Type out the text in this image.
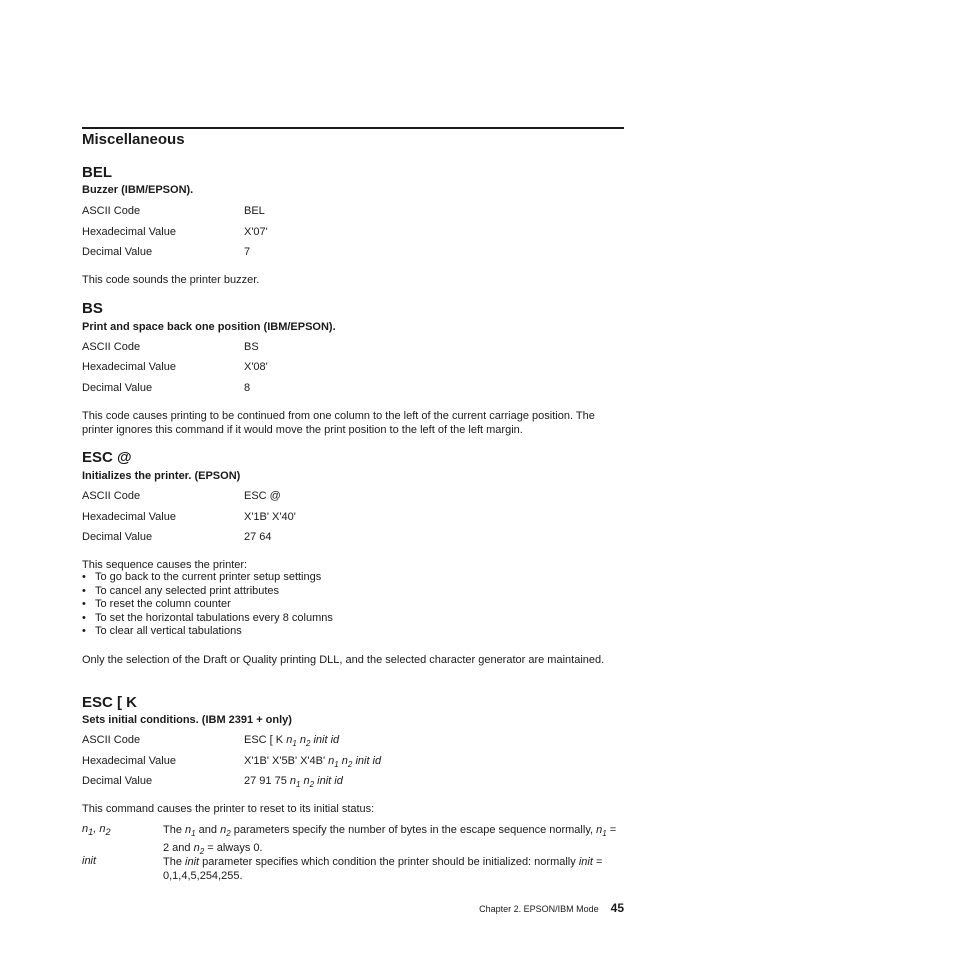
Miscellaneous
BEL
Buzzer (IBM/EPSON).
ASCII Code	BEL
Hexadecimal Value	X'07'
Decimal Value	7
This code sounds the printer buzzer.
BS
Print and space back one position (IBM/EPSON).
ASCII Code	BS
Hexadecimal Value	X'08'
Decimal Value	8
This code causes printing to be continued from one column to the left of the current carriage position. The printer ignores this command if it would move the print position to the left of the left margin.
ESC @
Initializes the printer. (EPSON)
ASCII Code	ESC @
Hexadecimal Value	X'1B' X'40'
Decimal Value	27 64
This sequence causes the printer:
• To go back to the current printer setup settings
• To cancel any selected print attributes
• To reset the column counter
• To set the horizontal tabulations every 8 columns
• To clear all vertical tabulations
Only the selection of the Draft or Quality printing DLL, and the selected character generator are maintained.
ESC [ K
Sets initial conditions. (IBM 2391 + only)
ASCII Code	ESC [ K $n_1$ $n_2$ init id
Hexadecimal Value	X'1B' X'5B' X'4B' $n_1$ $n_2$ init id
Decimal Value	27 91 75 $n_1$ $n_2$ init id
This command causes the printer to reset to its initial status:
$n_1$, $n_2$	The $n_1$ and $n_2$ parameters specify the number of bytes in the escape sequence normally, $n_1 = 2$ and $n_2$ = always 0.
init	The init parameter specifies which condition the printer should be initialized: normally init = 0,1,4,5,254,255.
Chapter 2. EPSON/IBM Mode 45
